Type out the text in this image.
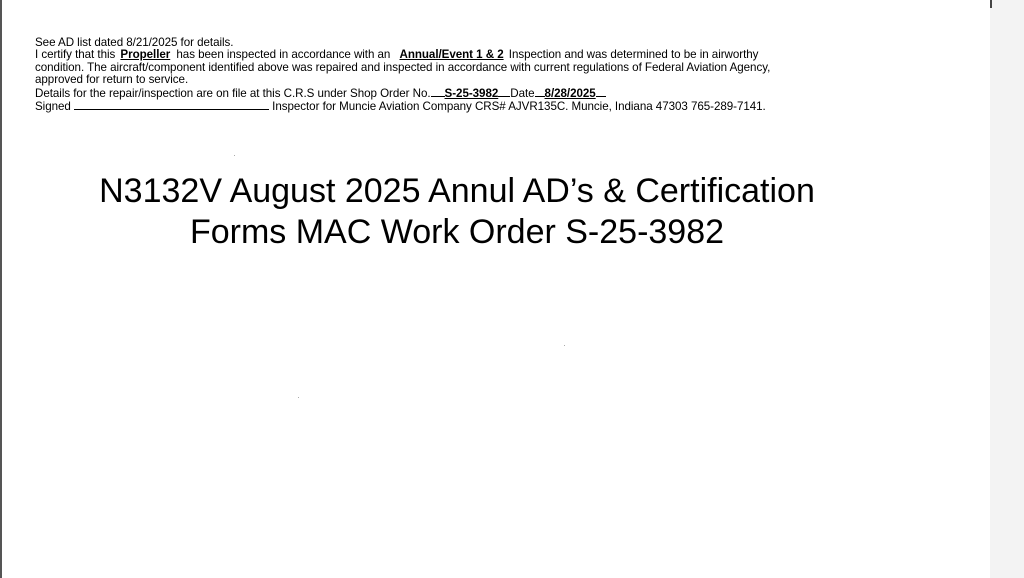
See AD list dated 8/21/2025 for details.
I certify that this Propeller has been inspected in accordance with an Annual/Event 1 & 2 Inspection and was determined to be in airworthy
condition. The aircraft/component identified above was repaired and inspected in accordance with current regulations of Federal Aviation Agency,
approved for return to service.
Details for the repair/inspection are on file at this C.R.S under Shop Order No. S-25-3982 Date 8/28/2025
Signed	Inspector for Muncie Aviation Company CRS# AJVR135C. Muncie, Indiana 47303 765-289-7141.
N3132V August 2025 Annul AD’s & Certification
Forms MAC Work Order S-25-3982
